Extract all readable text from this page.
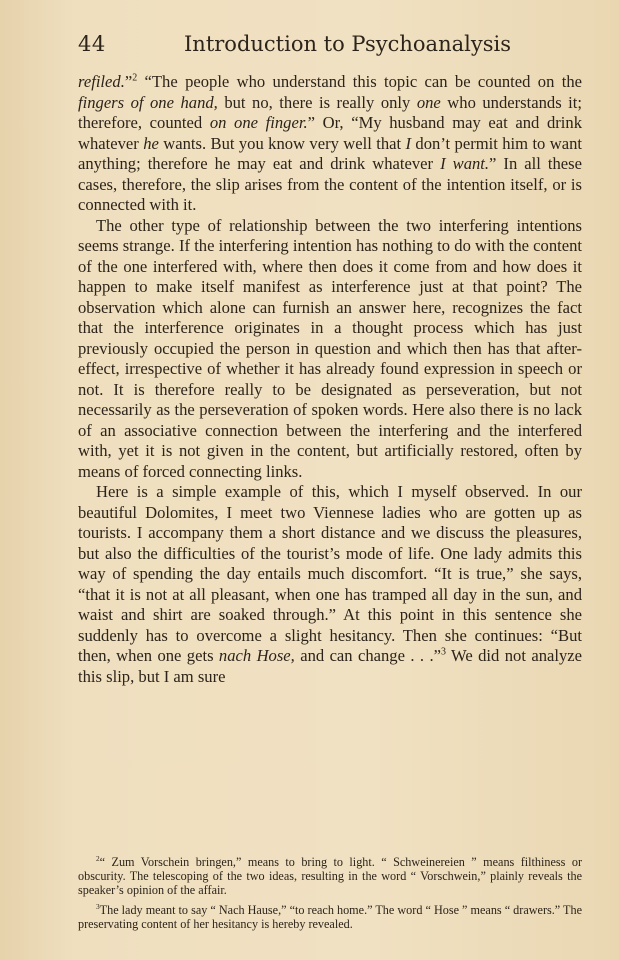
44	Introduction to Psychoanalysis

refiled.”$^2$ “The people who understand this topic can be counted on the fingers of one hand, but no, there is really only one who understands it; therefore, counted on one finger.” Or, “My husband may eat and drink whatever he wants. But you know very well that I don’t permit him to want anything; therefore he may eat and drink whatever I want.” In all these cases, therefore, the slip arises from the content of the intention itself, or is connected with it.

The other type of relationship between the two interfering intentions seems strange. If the interfering intention has nothing to do with the content of the one interfered with, where then does it come from and how does it happen to make itself manifest as interference just at that point? The observation which alone can furnish an answer here, recognizes the fact that the interference originates in a thought process which has just previously occupied the person in question and which then has that after-effect, irrespective of whether it has already found expression in speech or not. It is therefore really to be designated as perseveration, but not necessarily as the perseveration of spoken words. Here also there is no lack of an associative connection between the interfering and the interfered with, yet it is not given in the content, but artificially restored, often by means of forced connecting links.

Here is a simple example of this, which I myself observed. In our beautiful Dolomites, I meet two Viennese ladies who are gotten up as tourists. I accompany them a short distance and we discuss the pleasures, but also the difficulties of the tourist’s mode of life. One lady admits this way of spending the day entails much discomfort. “It is true,” she says, “that it is not at all pleasant, when one has tramped all day in the sun, and waist and shirt are soaked through.” At this point in this sentence she suddenly has to overcome a slight hesitancy. Then she continues: “But then, when one gets nach Hose, and can change . . .”$^3$ We did not analyze this slip, but I am sure

$^2$“ Zum Vorschein bringen,” means to bring to light. “ Schweinereien ” means filthiness or obscurity. The telescoping of the two ideas, resulting in the word “ Vorschwein,” plainly reveals the speaker’s opinion of the affair.

$^3$The lady meant to say “ Nach Hause,” “to reach home.” The word “ Hose ” means “ drawers.” The preservating content of her hesitancy is hereby revealed.
